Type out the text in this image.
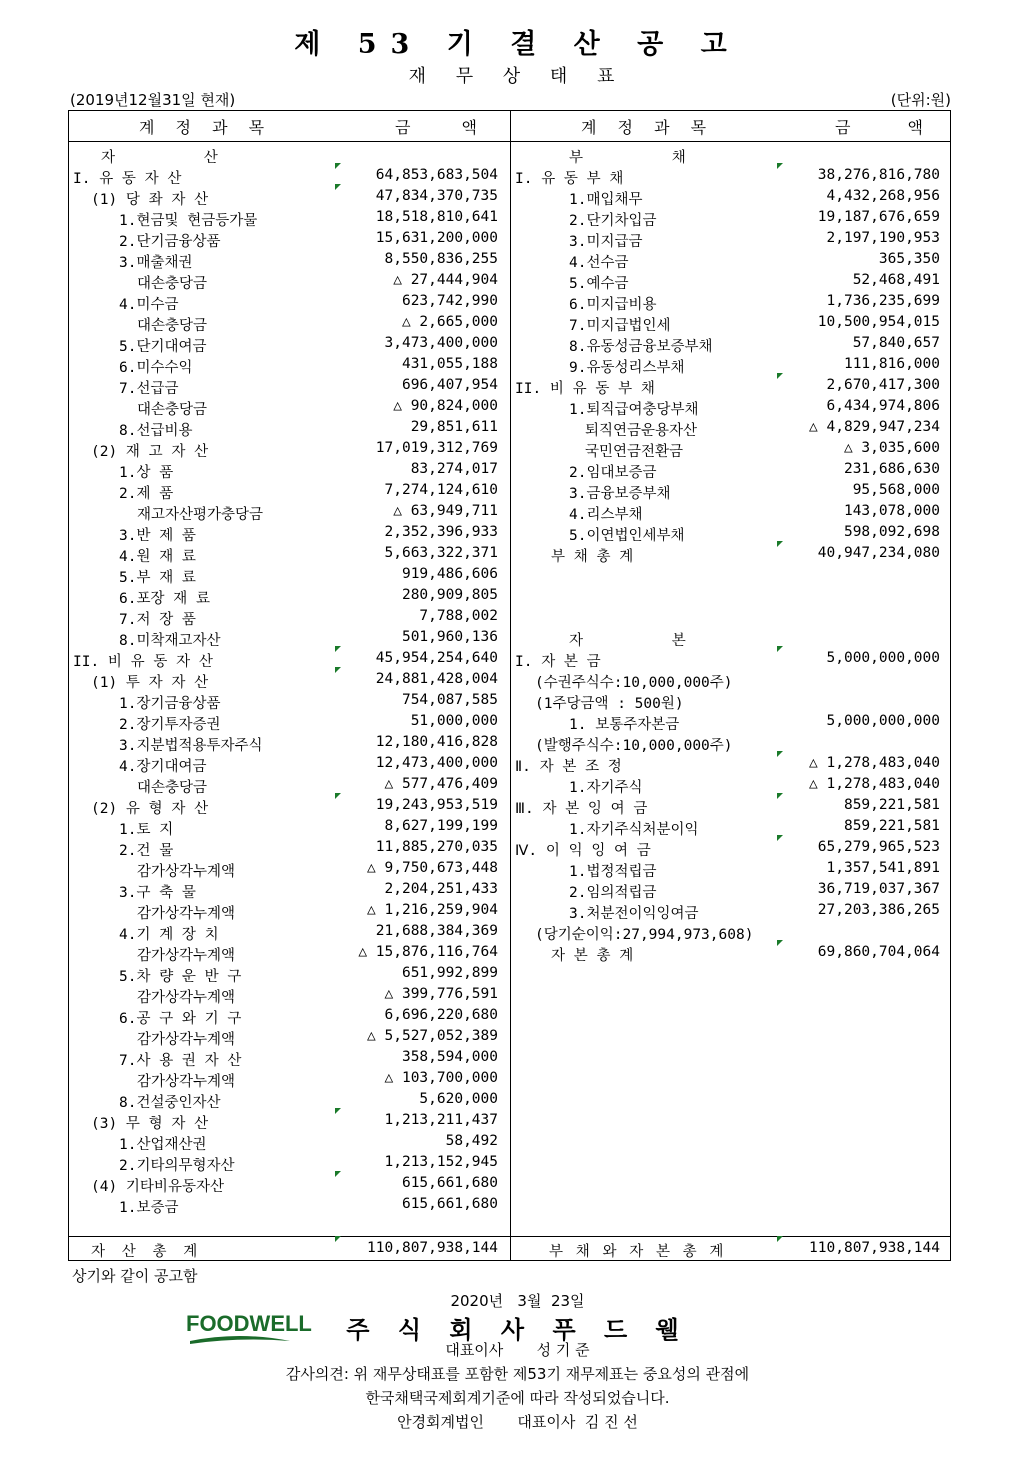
제 53 기 결 산 공 고
재 무 상 태 표
(2019년12월31일 현재)	(단위:원)
계 정 과 목	금 액	계 정 과 목	금 액
자 산
I. 유 동 자 산	64,853,683,504
(1) 당 좌 자 산	47,834,370,735
1.현금및 현금등가물	18,518,810,641
2.단기금융상품	15,631,200,000
3.매출채권	8,550,836,255
대손충당금	△ 27,444,904
4.미수금	623,742,990
대손충당금	△ 2,665,000
5.단기대여금	3,473,400,000
6.미수수익	431,055,188
7.선급금	696,407,954
대손충당금	△ 90,824,000
8.선급비용	29,851,611
(2) 재 고 자 산	17,019,312,769
1.상 품	83,274,017
2.제 품	7,274,124,610
재고자산평가충당금	△ 63,949,711
3.반 제 품	2,352,396,933
4.원 재 료	5,663,322,371
5.부 재 료	919,486,606
6.포장 재 료	280,909,805
7.저 장 품	7,788,002
8.미착재고자산	501,960,136
II. 비 유 동 자 산	45,954,254,640
(1) 투 자 자 산	24,881,428,004
1.장기금융상품	754,087,585
2.장기투자증권	51,000,000
3.지분법적용투자주식	12,180,416,828
4.장기대여금	12,473,400,000
대손충당금	△ 577,476,409
(2) 유 형 자 산	19,243,953,519
1.토 지	8,627,199,199
2.건 물	11,885,270,035
감가상각누계액	△ 9,750,673,448
3.구 축 물	2,204,251,433
감가상각누계액	△ 1,216,259,904
4.기 계 장 치	21,688,384,369
감가상각누계액	△ 15,876,116,764
5.차 량 운 반 구	651,992,899
감가상각누계액	△ 399,776,591
6.공 구 와 기 구	6,696,220,680
감가상각누계액	△ 5,527,052,389
7.사 용 권 자 산	358,594,000
감가상각누계액	△ 103,700,000
8.건설중인자산	5,620,000
(3) 무 형 자 산	1,213,211,437
1.산업재산권	58,492
2.기타의무형자산	1,213,152,945
(4) 기타비유동자산	615,661,680
1.보증금	615,661,680
부 채
I. 유 동 부 채	38,276,816,780
1.매입채무	4,432,268,956
2.단기차입금	19,187,676,659
3.미지급금	2,197,190,953
4.선수금	365,350
5.예수금	52,468,491
6.미지급비용	1,736,235,699
7.미지급법인세	10,500,954,015
8.유동성금융보증부채	57,840,657
9.유동성리스부채	111,816,000
II. 비 유 동 부 채	2,670,417,300
1.퇴직급여충당부채	6,434,974,806
퇴직연금운용자산	△ 4,829,947,234
국민연금전환금	△ 3,035,600
2.임대보증금	231,686,630
3.금융보증부채	95,568,000
4.리스부채	143,078,000
5.이연법인세부채	598,092,698
부 채 총 계	40,947,234,080
자 본
I. 자 본 금	5,000,000,000
(수권주식수:10,000,000주)
(1주당금액 : 500원)
1. 보통주자본금	5,000,000,000
(발행주식수:10,000,000주)
Ⅱ. 자 본 조 정	△ 1,278,483,040
1.자기주식	△ 1,278,483,040
Ⅲ. 자 본 잉 여 금	859,221,581
1.자기주식처분이익	859,221,581
Ⅳ. 이 익 잉 여 금	65,279,965,523
1.법정적립금	1,357,541,891
2.임의적립금	36,719,037,367
3.처분전이익잉여금	27,203,386,265
(당기순이익:27,994,973,608)
자 본 총 계	69,860,704,064
자 산 총 계	110,807,938,144	부 채 와 자 본 총 계	110,807,938,144
상기와 같이 공고함
2020년   3월  23일
FOODWELL	주 식 회 사 푸 드 웰
대표이사       성 기 준
감사의견: 위 재무상태표를 포함한 제53기 재무제표는 중요성의 관점에
한국채택국제회계기준에 따라 작성되었습니다.
안경회계법인       대표이사  김 진 선
